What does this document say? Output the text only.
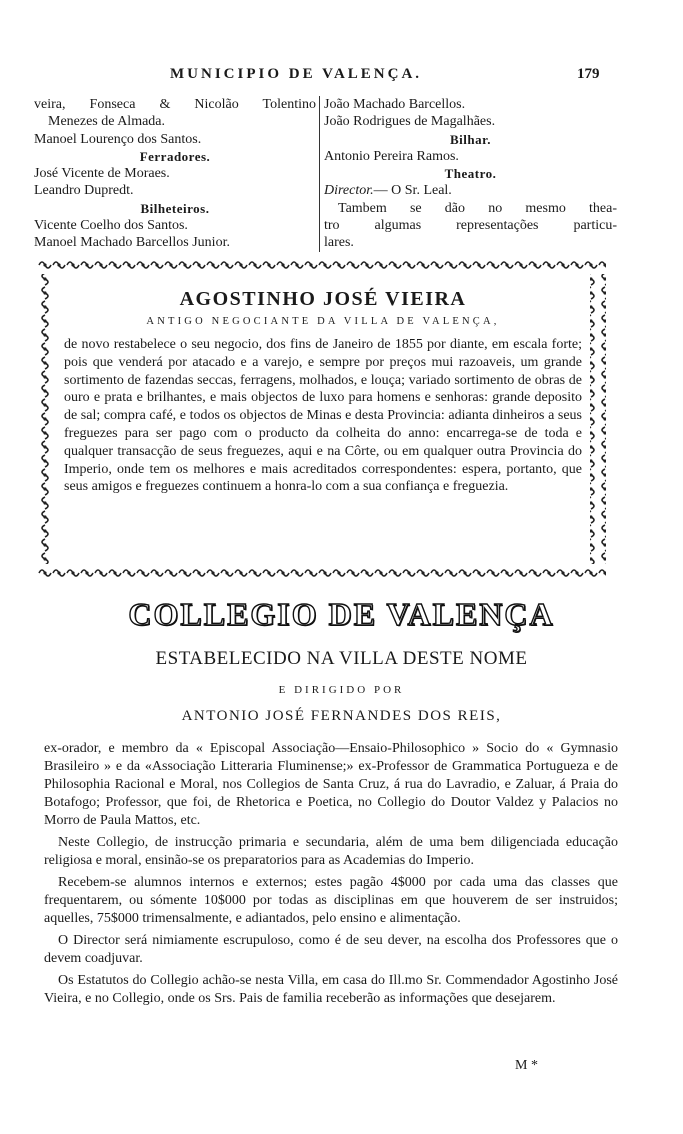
MUNICIPIO DE VALENÇA.	179
veira, Fonseca & Nicolão Tolentino
Menezes de Almada.
Manoel Lourenço dos Santos.
Ferradores.
José Vicente de Moraes.
Leandro Dupredt.
Bilheteiros.
Vicente Coelho dos Santos.
Manoel Machado Barcellos Junior.
João Machado Barcellos.
João Rodrigues de Magalhães.
Bilhar.
Antonio Pereira Ramos.
Theatro.
Director.— O Sr. Leal.
Tambem se dão no mesmo thea-
tro algumas representações particu-
lares.
AGOSTINHO JOSÉ VIEIRA
ANTIGO NEGOCIANTE DA VILLA DE VALENÇA,
de novo restabelece o seu negocio, dos fins de Janeiro de 1855 por diante, em escala forte; pois que venderá por atacado e a varejo, e sempre por preços mui razoaveis, um grande sortimento de fazendas seccas, ferragens, molhados, e louça; variado sortimento de obras de ouro e prata e brilhantes, e mais objectos de luxo para homens e senhoras: grande deposito de sal; compra café, e todos os objectos de Minas e desta Provincia: adianta dinheiros a seus freguezes para ser pago com o producto da colheita do anno: encarrega-se de toda e qualquer transacção de seus freguezes, aqui e na Côrte, ou em qualquer outra Provincia do Imperio, onde tem os melhores e mais acreditados correspondentes: espera, portanto, que seus amigos e freguezes continuem a honra-lo com a sua confiança e freguezia.
COLLEGIO DE VALENÇA
ESTABELECIDO NA VILLA DESTE NOME
E DIRIGIDO POR
ANTONIO JOSÉ FERNANDES DOS REIS,

ex-orador, e membro da « Episcopal Associação—Ensaio-Philosophico » Socio do « Gymnasio Brasileiro » e da «Associação Litteraria Fluminense;» ex-Professor de Grammatica Portugueza e de Philosophia Racional e Moral, nos Collegios de Santa Cruz, á rua do Lavradio, e Zaluar, á Praia do Botafogo; Professor, que foi, de Rhetorica e Poetica, no Collegio do Doutor Valdez y Palacios no Morro de Paula Mattos, etc.

Neste Collegio, de instrucção primaria e secundaria, além de uma bem diligenciada educação religiosa e moral, ensinão-se os preparatorios para as Academias do Imperio.

Recebem-se alumnos internos e externos; estes pagão 4$000 por cada uma das classes que frequentarem, ou sómente 10$000 por todas as disciplinas em que houverem de ser instruidos; aquelles, 75$000 trimensalmente, e adiantados, pelo ensino e alimentação.

O Director será nimiamente escrupuloso, como é de seu dever, na escolha dos Professores que o devem coadjuvar.

Os Estatutos do Collegio achão-se nesta Villa, em casa do Ill.mo Sr. Commendador Agostinho José Vieira, e no Collegio, onde os Srs. Pais de familia receberão as informações que desejarem.

M *
